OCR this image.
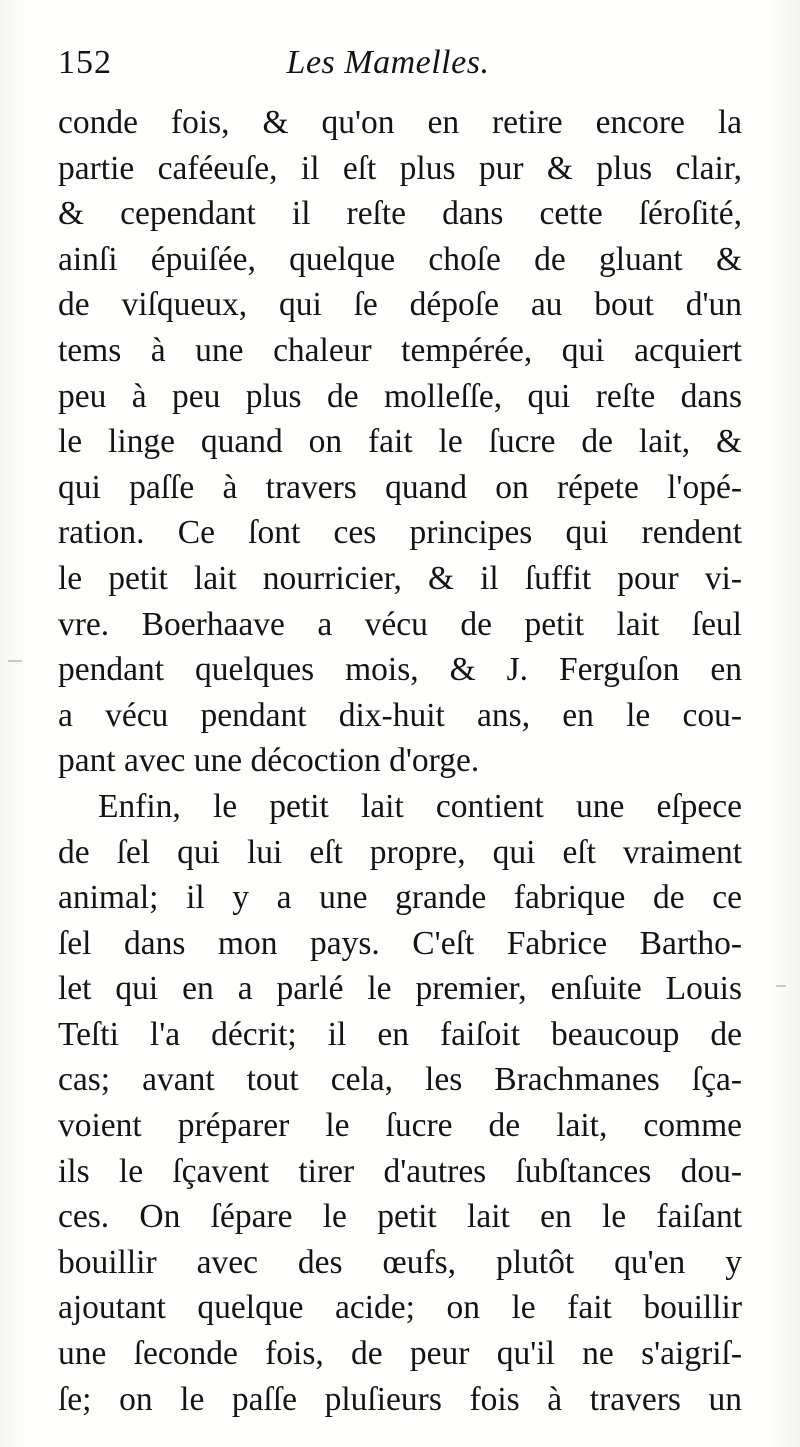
152	Les Mamelles.
conde fois, & qu'on en retire encore la
partie caféeuſe, il eſt plus pur & plus clair,
& cependant il reſte dans cette ſéroſité,
ainſi épuiſée, quelque choſe de gluant &
de viſqueux, qui ſe dépoſe au bout d'un
tems à une chaleur tempérée, qui acquiert
peu à peu plus de molleſſe, qui reſte dans
le linge quand on fait le ſucre de lait, &
qui paſſe à travers quand on répete l'opé-
ration. Ce ſont ces principes qui rendent
le petit lait nourricier, & il ſuffit pour vi-
vre. Boerhaave a vécu de petit lait ſeul
pendant quelques mois, & J. Ferguſon en
a vécu pendant dix-huit ans, en le cou-
pant avec une décoction d'orge.
Enfin, le petit lait contient une eſpece
de ſel qui lui eſt propre, qui eſt vraiment
animal; il y a une grande fabrique de ce
ſel dans mon pays. C'eſt Fabrice Bartho-
let qui en a parlé le premier, enſuite Louis
Teſti l'a décrit; il en faiſoit beaucoup de
cas; avant tout cela, les Brachmanes ſça-
voient préparer le ſucre de lait, comme
ils le ſçavent tirer d'autres ſubſtances dou-
ces. On ſépare le petit lait en le faiſant
bouillir avec des œufs, plutôt qu'en y
ajoutant quelque acide; on le fait bouillir
une ſeconde fois, de peur qu'il ne s'aigriſ-
ſe; on le paſſe pluſieurs fois à travers un
